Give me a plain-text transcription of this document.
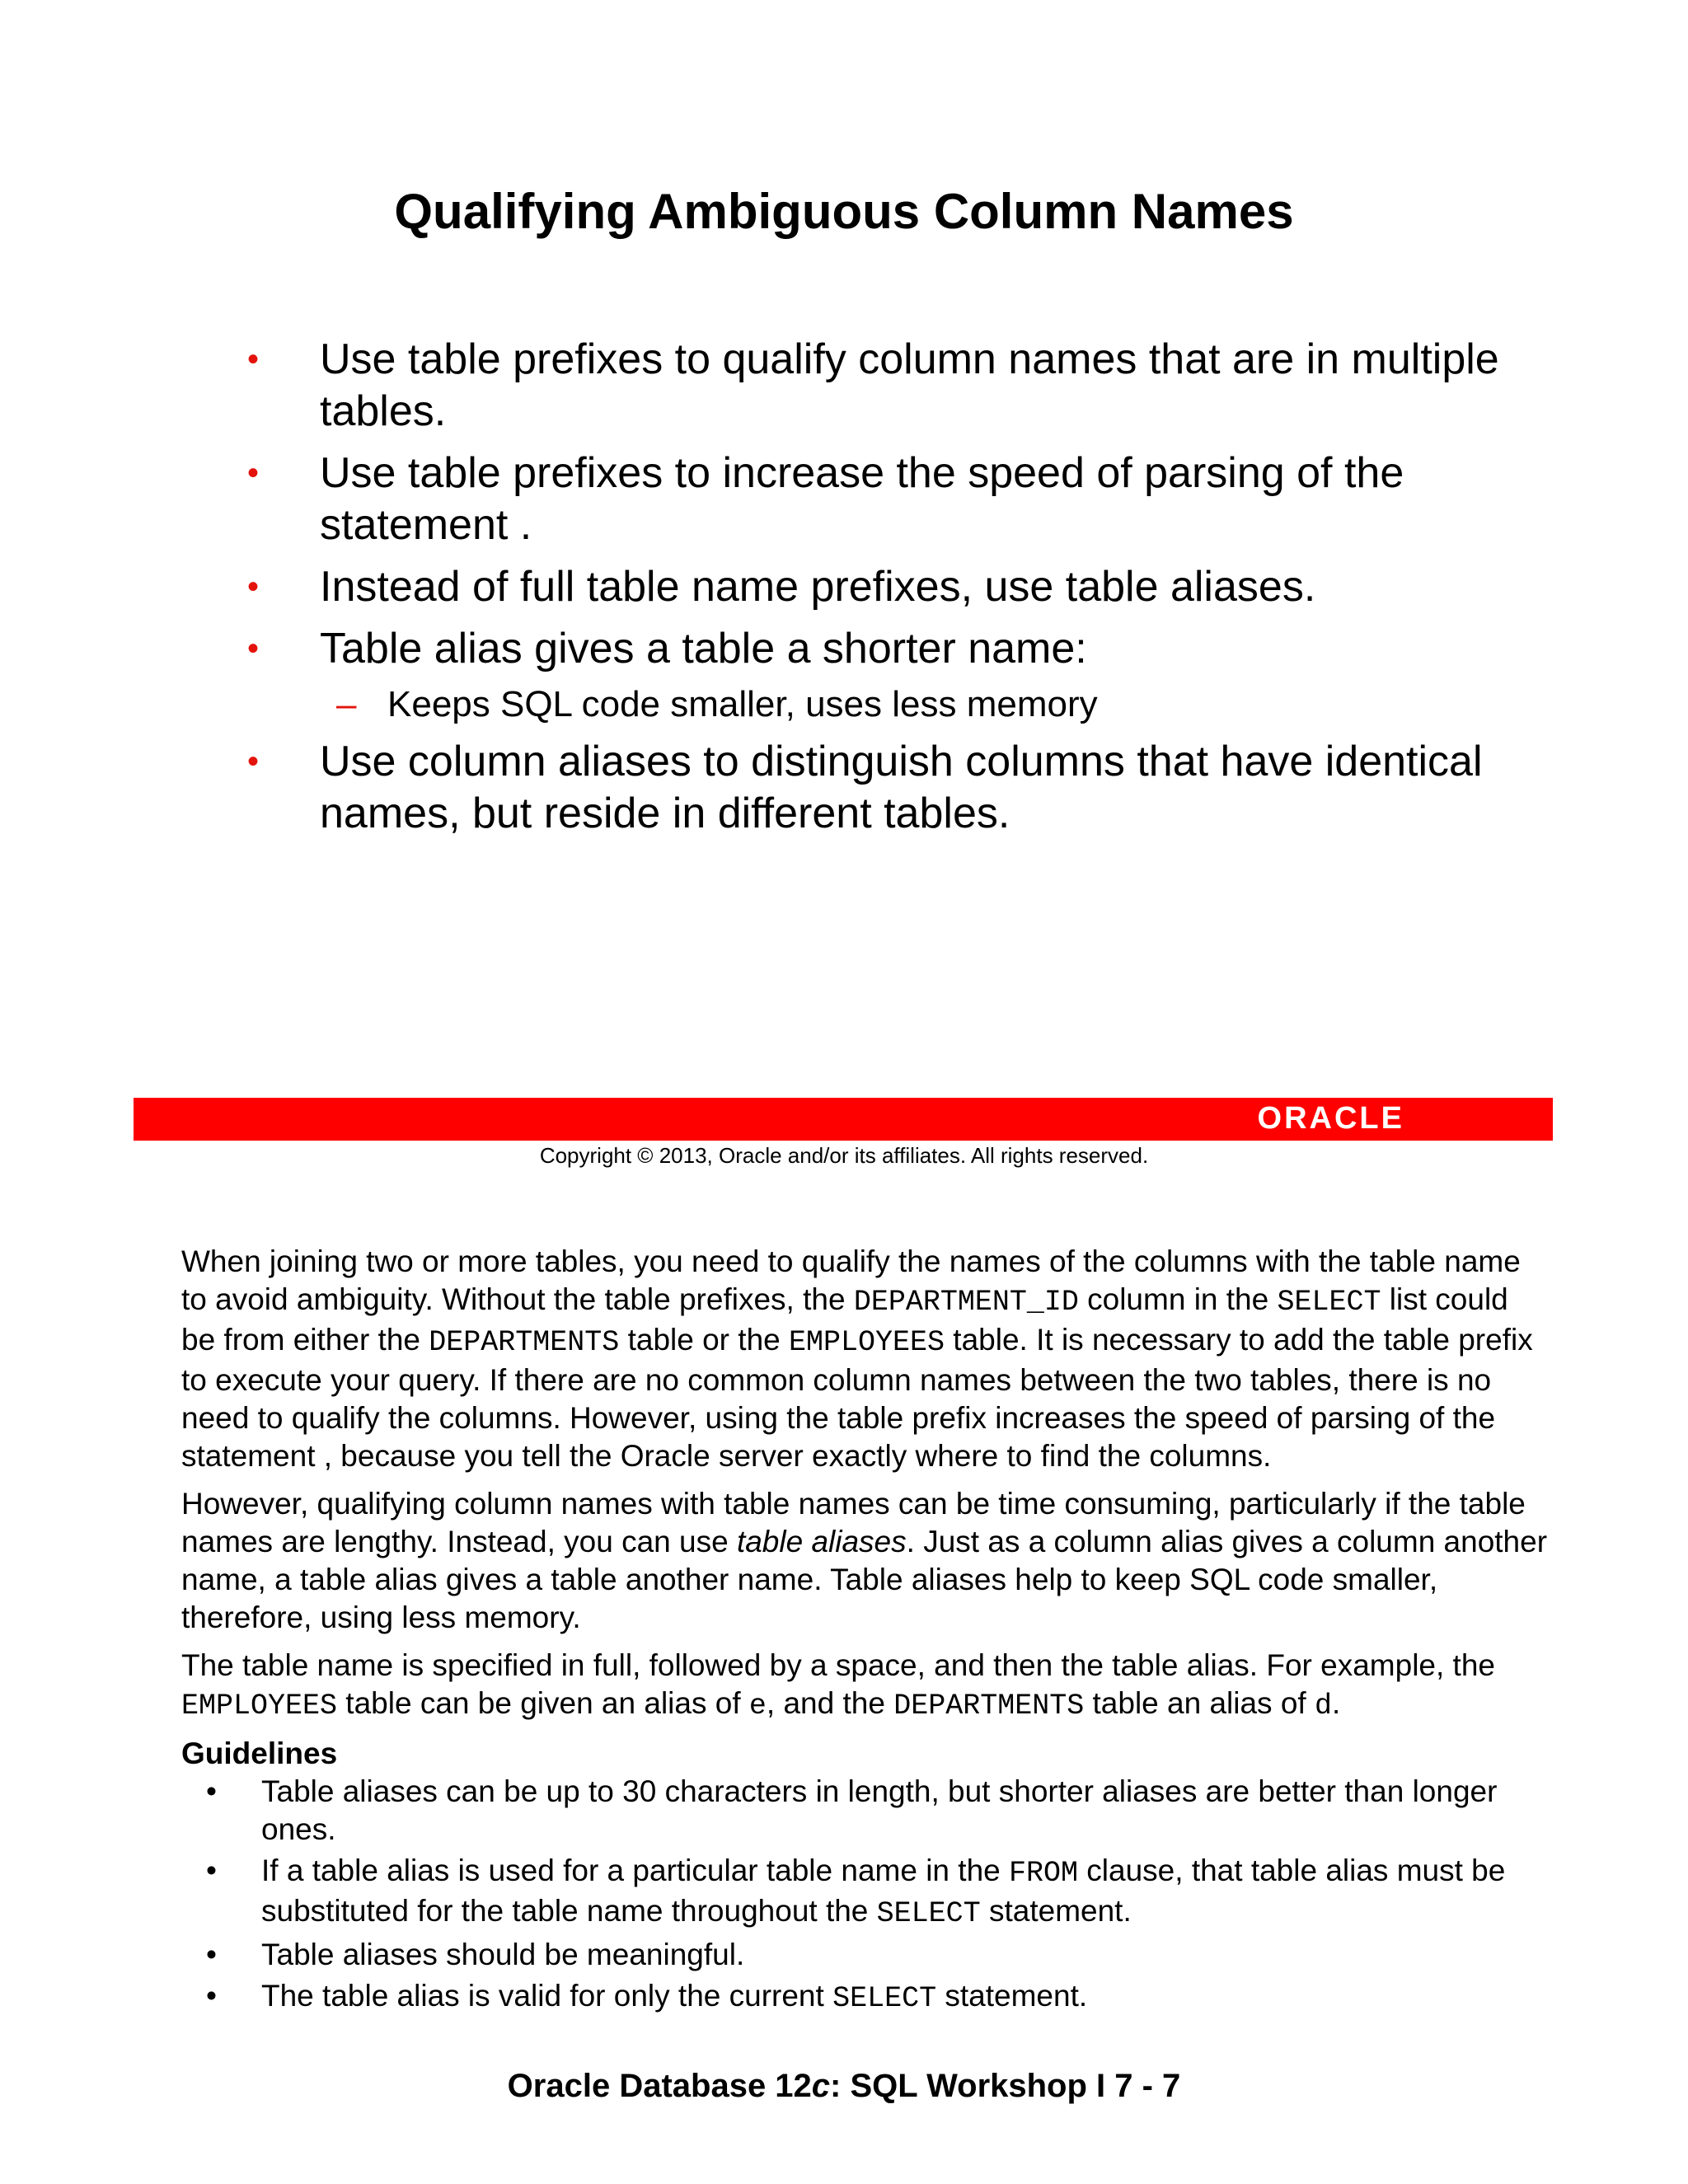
Qualifying Ambiguous Column Names
• Use table prefixes to qualify column names that are in multiple tables.
• Use table prefixes to increase the speed of parsing of the statement .
• Instead of full table name prefixes, use table aliases.
• Table alias gives a table a shorter name:
– Keeps SQL code smaller, uses less memory
• Use column aliases to distinguish columns that have identical names, but reside in different tables.
ORACLE
Copyright © 2013, Oracle and/or its affiliates. All rights reserved.

When joining two or more tables, you need to qualify the names of the columns with the table name to avoid ambiguity. Without the table prefixes, the DEPARTMENT_ID column in the SELECT list could be from either the DEPARTMENTS table or the EMPLOYEES table. It is necessary to add the table prefix to execute your query. If there are no common column names between the two tables, there is no need to qualify the columns. However, using the table prefix increases the speed of parsing of the statement , because you tell the Oracle server exactly where to find the columns.

However, qualifying column names with table names can be time consuming, particularly if the table names are lengthy. Instead, you can use table aliases. Just as a column alias gives a column another name, a table alias gives a table another name. Table aliases help to keep SQL code smaller, therefore, using less memory.

The table name is specified in full, followed by a space, and then the table alias. For example, the EMPLOYEES table can be given an alias of e, and the DEPARTMENTS table an alias of d.

Guidelines
• Table aliases can be up to 30 characters in length, but shorter aliases are better than longer ones.
• If a table alias is used for a particular table name in the FROM clause, that table alias must be substituted for the table name throughout the SELECT statement.
• Table aliases should be meaningful.
• The table alias is valid for only the current SELECT statement.
Oracle Database 12c: SQL Workshop I 7 - 7
